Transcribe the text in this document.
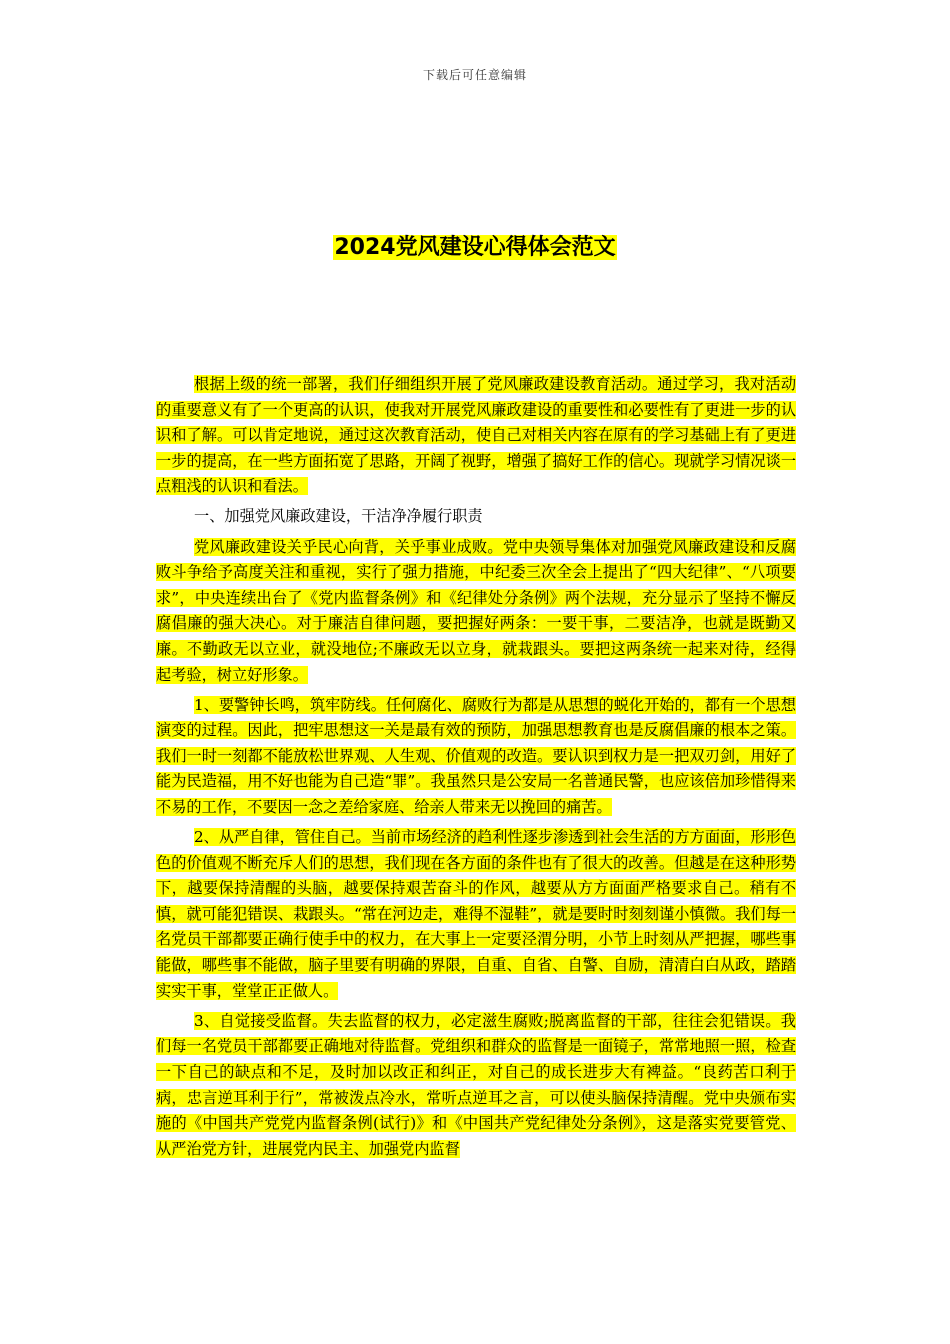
下载后可任意编辑
2024党风建设心得体会范文

根据上级的统一部署，我们仔细组织开展了党风廉政建设教育活动。通过学习，我对活动的重要意义有了一个更高的认识，使我对开展党风廉政建设的重要性和必要性有了更进一步的认识和了解。可以肯定地说，通过这次教育活动，使自己对相关内容在原有的学习基础上有了更进一步的提高，在一些方面拓宽了思路，开阔了视野，增强了搞好工作的信心。现就学习情况谈一点粗浅的认识和看法。

一、加强党风廉政建设，干洁净净履行职责

党风廉政建设关乎民心向背，关乎事业成败。党中央领导集体对加强党风廉政建设和反腐败斗争给予高度关注和重视，实行了强力措施，中纪委三次全会上提出了“四大纪律”、“八项要求”，中央连续出台了《党内监督条例》和《纪律处分条例》两个法规，充分显示了坚持不懈反腐倡廉的强大决心。对于廉洁自律问题，要把握好两条：一要干事，二要洁净，也就是既勤又廉。不勤政无以立业，就没地位;不廉政无以立身，就栽跟头。要把这两条统一起来对待，经得起考验，树立好形象。

1、要警钟长鸣，筑牢防线。任何腐化、腐败行为都是从思想的蜕化开始的，都有一个思想演变的过程。因此，把牢思想这一关是最有效的预防，加强思想教育也是反腐倡廉的根本之策。我们一时一刻都不能放松世界观、人生观、价值观的改造。要认识到权力是一把双刃剑，用好了能为民造福，用不好也能为自己造“罪”。我虽然只是公安局一名普通民警，也应该倍加珍惜得来不易的工作，不要因一念之差给家庭、给亲人带来无以挽回的痛苦。

2、从严自律，管住自己。当前市场经济的趋利性逐步渗透到社会生活的方方面面，形形色色的价值观不断充斥人们的思想，我们现在各方面的条件也有了很大的改善。但越是在这种形势下，越要保持清醒的头脑，越要保持艰苦奋斗的作风，越要从方方面面严格要求自己。稍有不慎，就可能犯错误、栽跟头。“常在河边走，难得不湿鞋”，就是要时时刻刻谨小慎微。我们每一名党员干部都要正确行使手中的权力，在大事上一定要泾渭分明，小节上时刻从严把握，哪些事能做，哪些事不能做，脑子里要有明确的界限，自重、自省、自警、自励，清清白白从政，踏踏实实干事，堂堂正正做人。

3、自觉接受监督。失去监督的权力，必定滋生腐败;脱离监督的干部，往往会犯错误。我们每一名党员干部都要正确地对待监督。党组织和群众的监督是一面镜子，常常地照一照，检查一下自己的缺点和不足，及时加以改正和纠正，对自己的成长进步大有裨益。“良药苦口利于病，忠言逆耳利于行”，常被泼点冷水，常听点逆耳之言，可以使头脑保持清醒。党中央颁布实施的《中国共产党党内监督条例(试行)》和《中国共产党纪律处分条例》，这是落实党要管党、从严治党方针，进展党内民主、加强党内监督
